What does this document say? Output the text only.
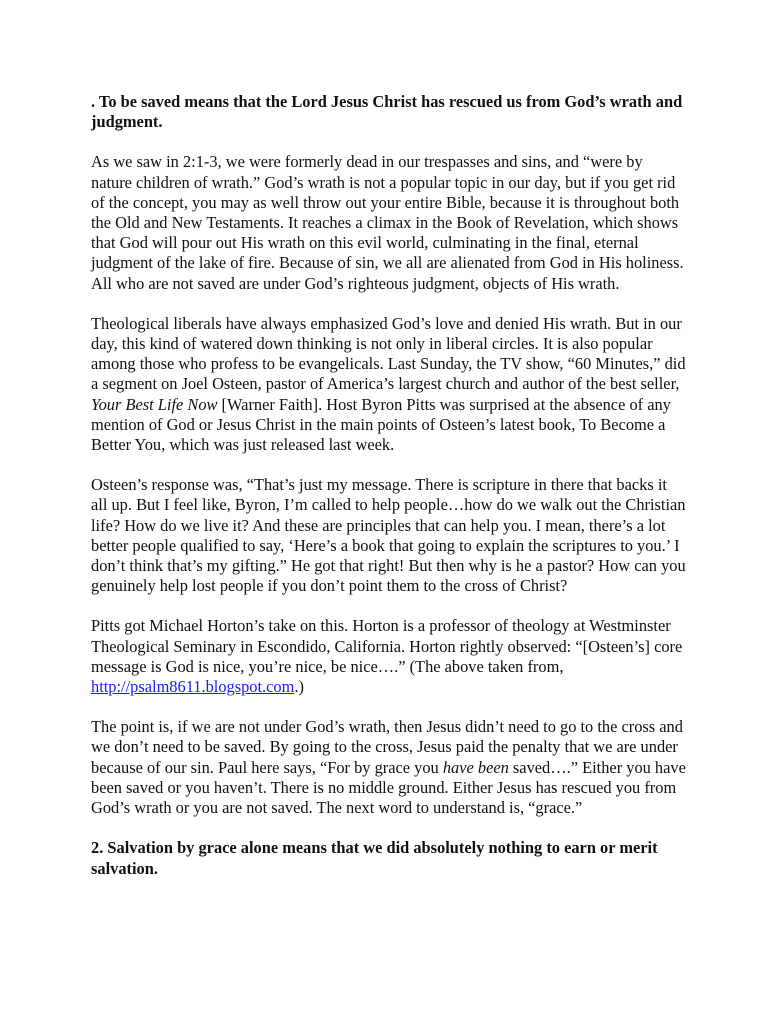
. To be saved means that the Lord Jesus Christ has rescued us from God’s wrath and judgment.

As we saw in 2:1-3, we were formerly dead in our trespasses and sins, and “were by nature children of wrath.” God’s wrath is not a popular topic in our day, but if you get rid of the concept, you may as well throw out your entire Bible, because it is throughout both the Old and New Testaments. It reaches a climax in the Book of Revelation, which shows that God will pour out His wrath on this evil world, culminating in the final, eternal judgment of the lake of fire. Because of sin, we all are alienated from God in His holiness. All who are not saved are under God’s righteous judgment, objects of His wrath.

Theological liberals have always emphasized God’s love and denied His wrath. But in our day, this kind of watered down thinking is not only in liberal circles. It is also popular among those who profess to be evangelicals. Last Sunday, the TV show, “60 Minutes,” did a segment on Joel Osteen, pastor of America’s largest church and author of the best seller, Your Best Life Now [Warner Faith]. Host Byron Pitts was surprised at the absence of any mention of God or Jesus Christ in the main points of Osteen’s latest book, To Become a Better You, which was just released last week.

Osteen’s response was, “That’s just my message. There is scripture in there that backs it all up. But I feel like, Byron, I’m called to help people…how do we walk out the Christian life? How do we live it? And these are principles that can help you. I mean, there’s a lot better people qualified to say, ‘Here’s a book that going to explain the scriptures to you.’ I don’t think that’s my gifting.” He got that right! But then why is he a pastor? How can you genuinely help lost people if you don’t point them to the cross of Christ?

Pitts got Michael Horton’s take on this. Horton is a professor of theology at Westminster Theological Seminary in Escondido, California. Horton rightly observed: “[Osteen’s] core message is God is nice, you’re nice, be nice….” (The above taken from, http://psalm8611.blogspot.com.)

The point is, if we are not under God’s wrath, then Jesus didn’t need to go to the cross and we don’t need to be saved. By going to the cross, Jesus paid the penalty that we are under because of our sin. Paul here says, “For by grace you have been saved….” Either you have been saved or you haven’t. There is no middle ground. Either Jesus has rescued you from God’s wrath or you are not saved. The next word to understand is, “grace.”

2. Salvation by grace alone means that we did absolutely nothing to earn or merit salvation.
